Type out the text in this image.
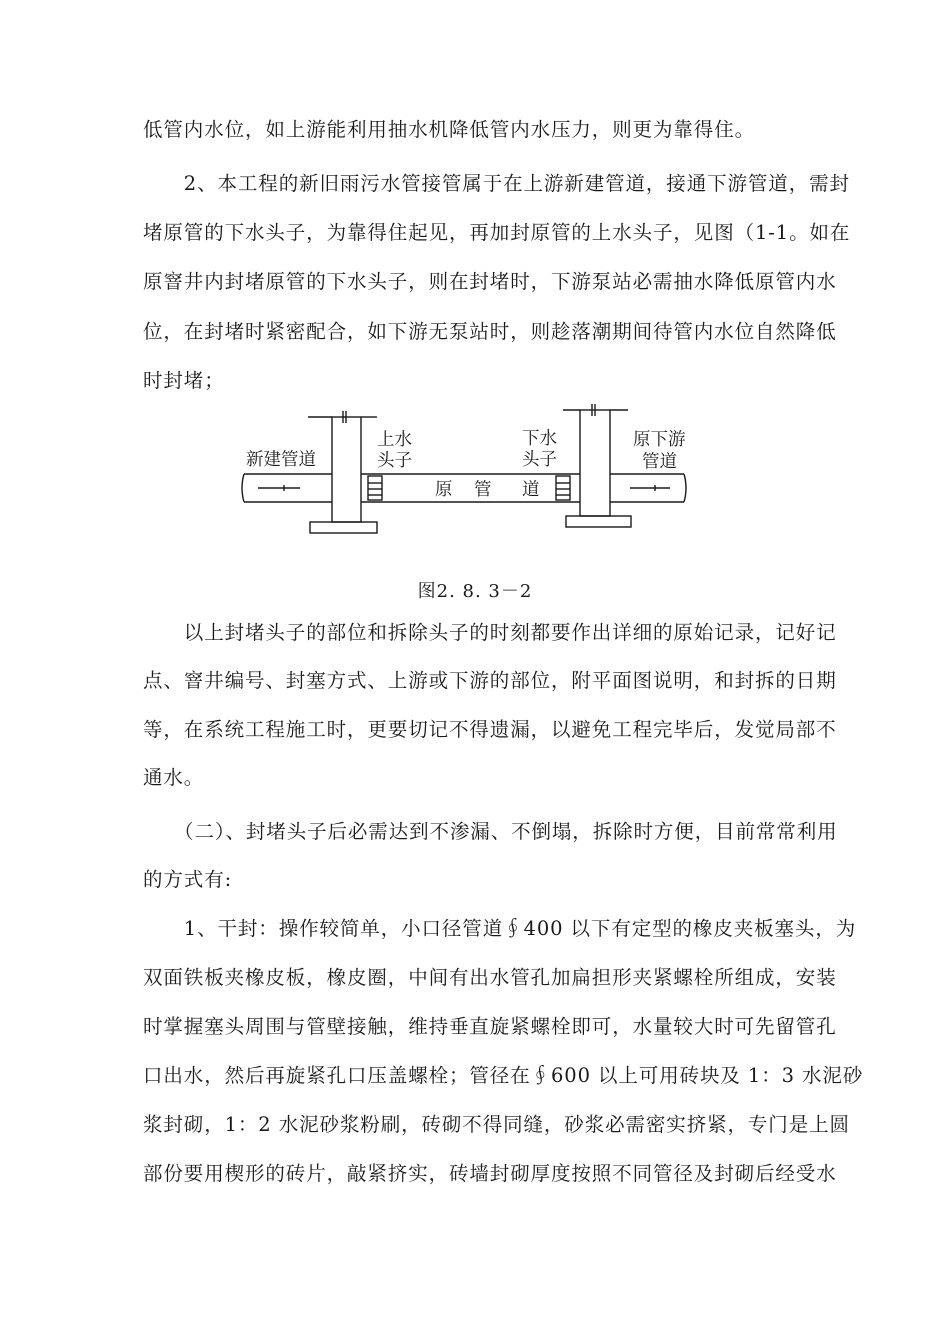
低管内水位，如上游能利用抽水机降低管内水压力，则更为靠得住。
　　2、本工程的新旧雨污水管接管属于在上游新建管道，接通下游管道，需封
堵原管的下水头子，为靠得住起见，再加封原管的上水头子，见图（1-1。如在
原窨井内封堵原管的下水头子，则在封堵时，下游泵站必需抽水降低原管内水
位，在封堵时紧密配合，如下游无泵站时，则趁落潮期间待管内水位自然降低
时封堵；
新建管道
上水
头子
下水
头子
原下游
管道
原 管 道
图2. 8. 3－2
　　以上封堵头子的部位和拆除头子的时刻都要作出详细的原始记录，记好记
点、窨井编号、封塞方式、上游或下游的部位，附平面图说明，和封拆的日期
等，在系统工程施工时，更要切记不得遗漏，以避免工程完毕后，发觉局部不
通水。
　　（二）、封堵头子后必需达到不渗漏、不倒塌，拆除时方便，目前常常利用
的方式有:
　　1、干封：操作较简单，小口径管道∮400 以下有定型的橡皮夹板塞头，为
双面铁板夹橡皮板，橡皮圈，中间有出水管孔加扁担形夹紧螺栓所组成，安装
时掌握塞头周围与管壁接触，维持垂直旋紧螺栓即可，水量较大时可先留管孔
口出水，然后再旋紧孔口压盖螺栓；管径在∮600 以上可用砖块及 1：3 水泥砂
浆封砌，1：2 水泥砂浆粉刷，砖砌不得同缝，砂浆必需密实挤紧，专门是上圆
部份要用楔形的砖片，敲紧挤实，砖墙封砌厚度按照不同管径及封砌后经受水
